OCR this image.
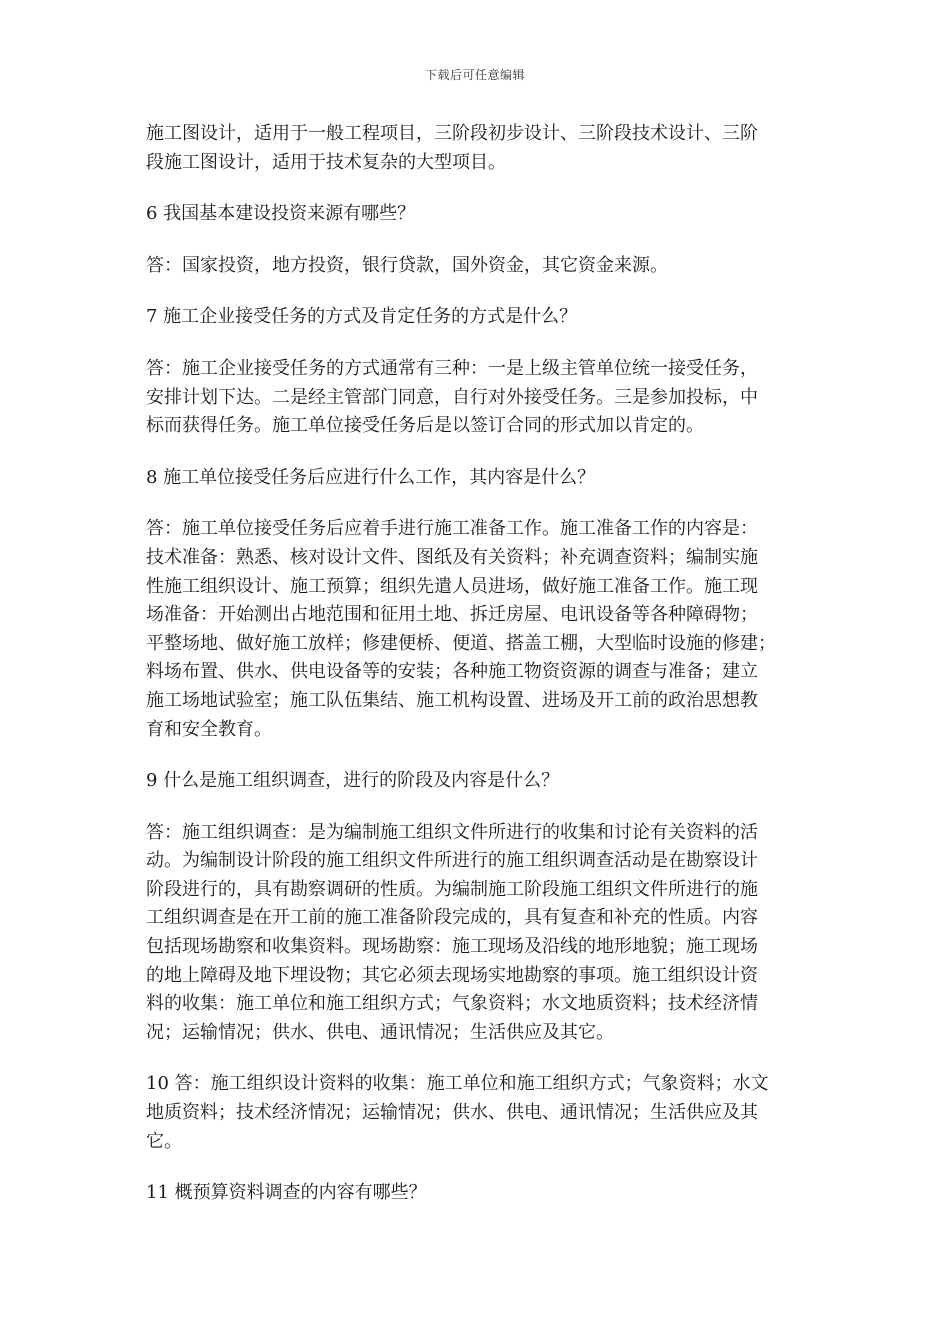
下载后可任意编辑

施工图设计，适用于一般工程项目，三阶段初步设计、三阶段技术设计、三阶
段施工图设计，适用于技术复杂的大型项目。

6 我国基本建设投资来源有哪些？

答：国家投资，地方投资，银行贷款，国外资金，其它资金来源。

7 施工企业接受任务的方式及肯定任务的方式是什么？

答：施工企业接受任务的方式通常有三种：一是上级主管单位统一接受任务，
安排计划下达。二是经主管部门同意，自行对外接受任务。三是参加投标，中
标而获得任务。施工单位接受任务后是以签订合同的形式加以肯定的。

8 施工单位接受任务后应进行什么工作，其内容是什么？

答：施工单位接受任务后应着手进行施工准备工作。施工准备工作的内容是：
技术准备：熟悉、核对设计文件、图纸及有关资料；补充调查资料；编制实施
性施工组织设计、施工预算；组织先遣人员进场，做好施工准备工作。施工现
场准备：开始测出占地范围和征用土地、拆迁房屋、电讯设备等各种障碍物；
平整场地、做好施工放样；修建便桥、便道、搭盖工棚，大型临时设施的修建；
料场布置、供水、供电设备等的安装；各种施工物资资源的调查与准备；建立
施工场地试验室；施工队伍集结、施工机构设置、进场及开工前的政治思想教
育和安全教育。

9 什么是施工组织调查，进行的阶段及内容是什么？

答：施工组织调查：是为编制施工组织文件所进行的收集和讨论有关资料的活
动。为编制设计阶段的施工组织文件所进行的施工组织调查活动是在勘察设计
阶段进行的，具有勘察调研的性质。为编制施工阶段施工组织文件所进行的施
工组织调查是在开工前的施工准备阶段完成的，具有复查和补充的性质。内容
包括现场勘察和收集资料。现场勘察：施工现场及沿线的地形地貌；施工现场
的地上障碍及地下埋设物；其它必须去现场实地勘察的事项。施工组织设计资
料的收集：施工单位和施工组织方式；气象资料；水文地质资料；技术经济情
况；运输情况；供水、供电、通讯情况；生活供应及其它。

10 答：施工组织设计资料的收集：施工单位和施工组织方式；气象资料；水文
地质资料；技术经济情况；运输情况；供水、供电、通讯情况；生活供应及其
它。

11 概预算资料调查的内容有哪些？
